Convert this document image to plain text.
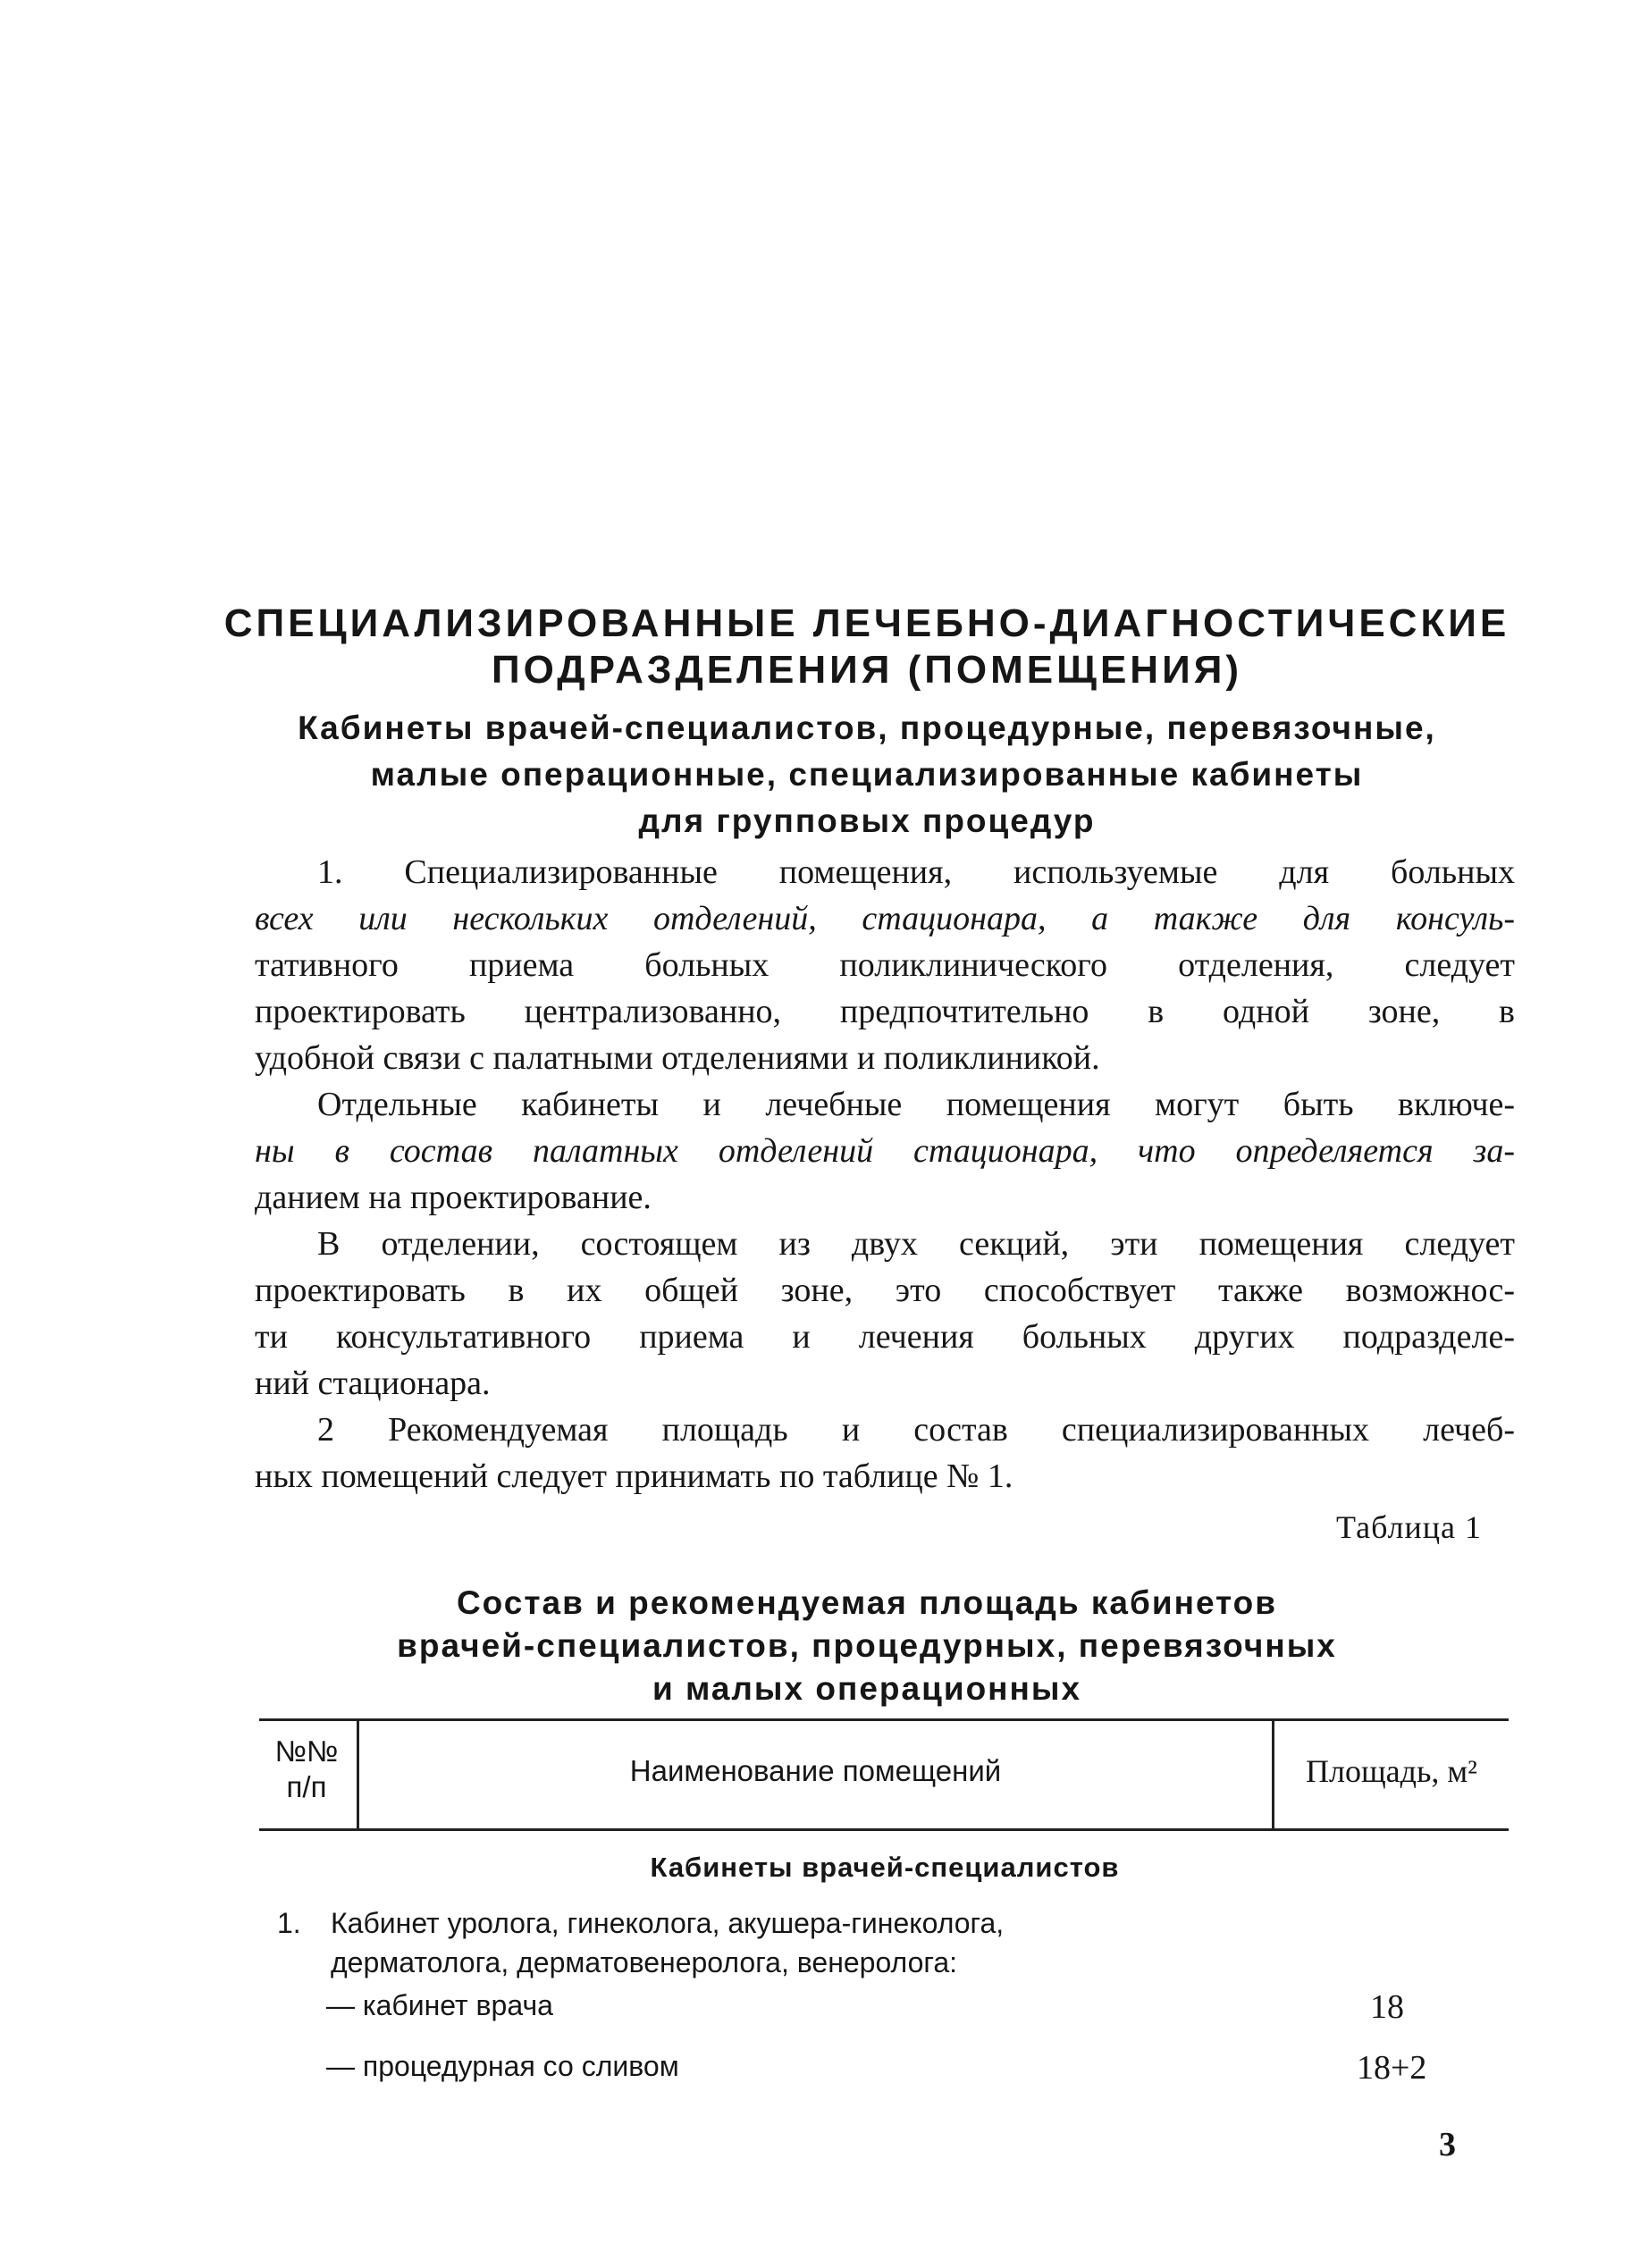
СПЕЦИАЛИЗИРОВАННЫЕ ЛЕЧЕБНО-ДИАГНОСТИЧЕСКИЕ
ПОДРАЗДЕЛЕНИЯ (ПОМЕЩЕНИЯ)
Кабинеты врачей-специалистов, процедурные, перевязочные,
малые операционные, специализированные кабинеты
для групповых процедур
1. Специализированные помещения, используемые для больных
всех или нескольких отделений, стационара, а также для консуль-
тативного приема больных поликлинического отделения, следует
проектировать централизованно, предпочтительно в одной зоне, в
удобной связи с палатными отделениями и поликлиникой.
Отдельные кабинеты и лечебные помещения могут быть включе-
ны в состав палатных отделений стационара, что определяется за-
данием на проектирование.
В отделении, состоящем из двух секций, эти помещения следует
проектировать в их общей зоне, это способствует также возможнос-
ти консультативного приема и лечения больных других подразделе-
ний стационара.
2 Рекомендуемая площадь и состав специализированных лечеб-
ных помещений следует принимать по таблице № 1.
Таблица 1
Состав и рекомендуемая площадь кабинетов
врачей-специалистов, процедурных, перевязочных
и малых операционных
№№
п/п	Наименование помещений	Площадь, м²
Кабинеты врачей-специалистов
1. Кабинет уролога, гинеколога, акушера-гинеколога,
дерматолога, дерматовенеролога, венеролога:
— кабинет врача	18
— процедурная со сливом	18+2
3
